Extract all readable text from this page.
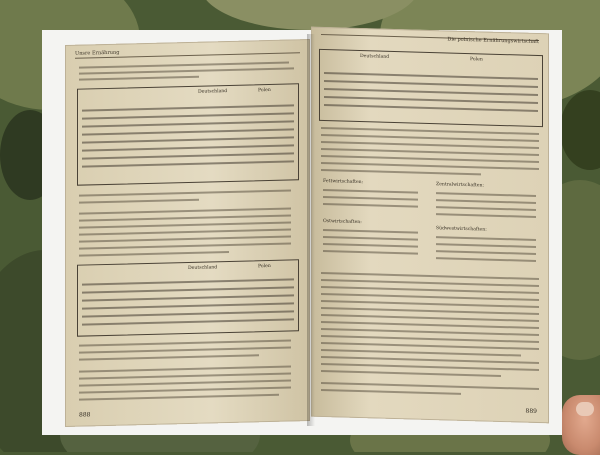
Unsre Ernährung
Deutschland	Polen
Deutschland	Polen
888
Die polnische Ernährungswirtschaft
Deutschland	Polen
Fettwirtschaften:
Zentralwirtschaften:
Ostwirtschaften:
Südwestwirtschaften:
889
